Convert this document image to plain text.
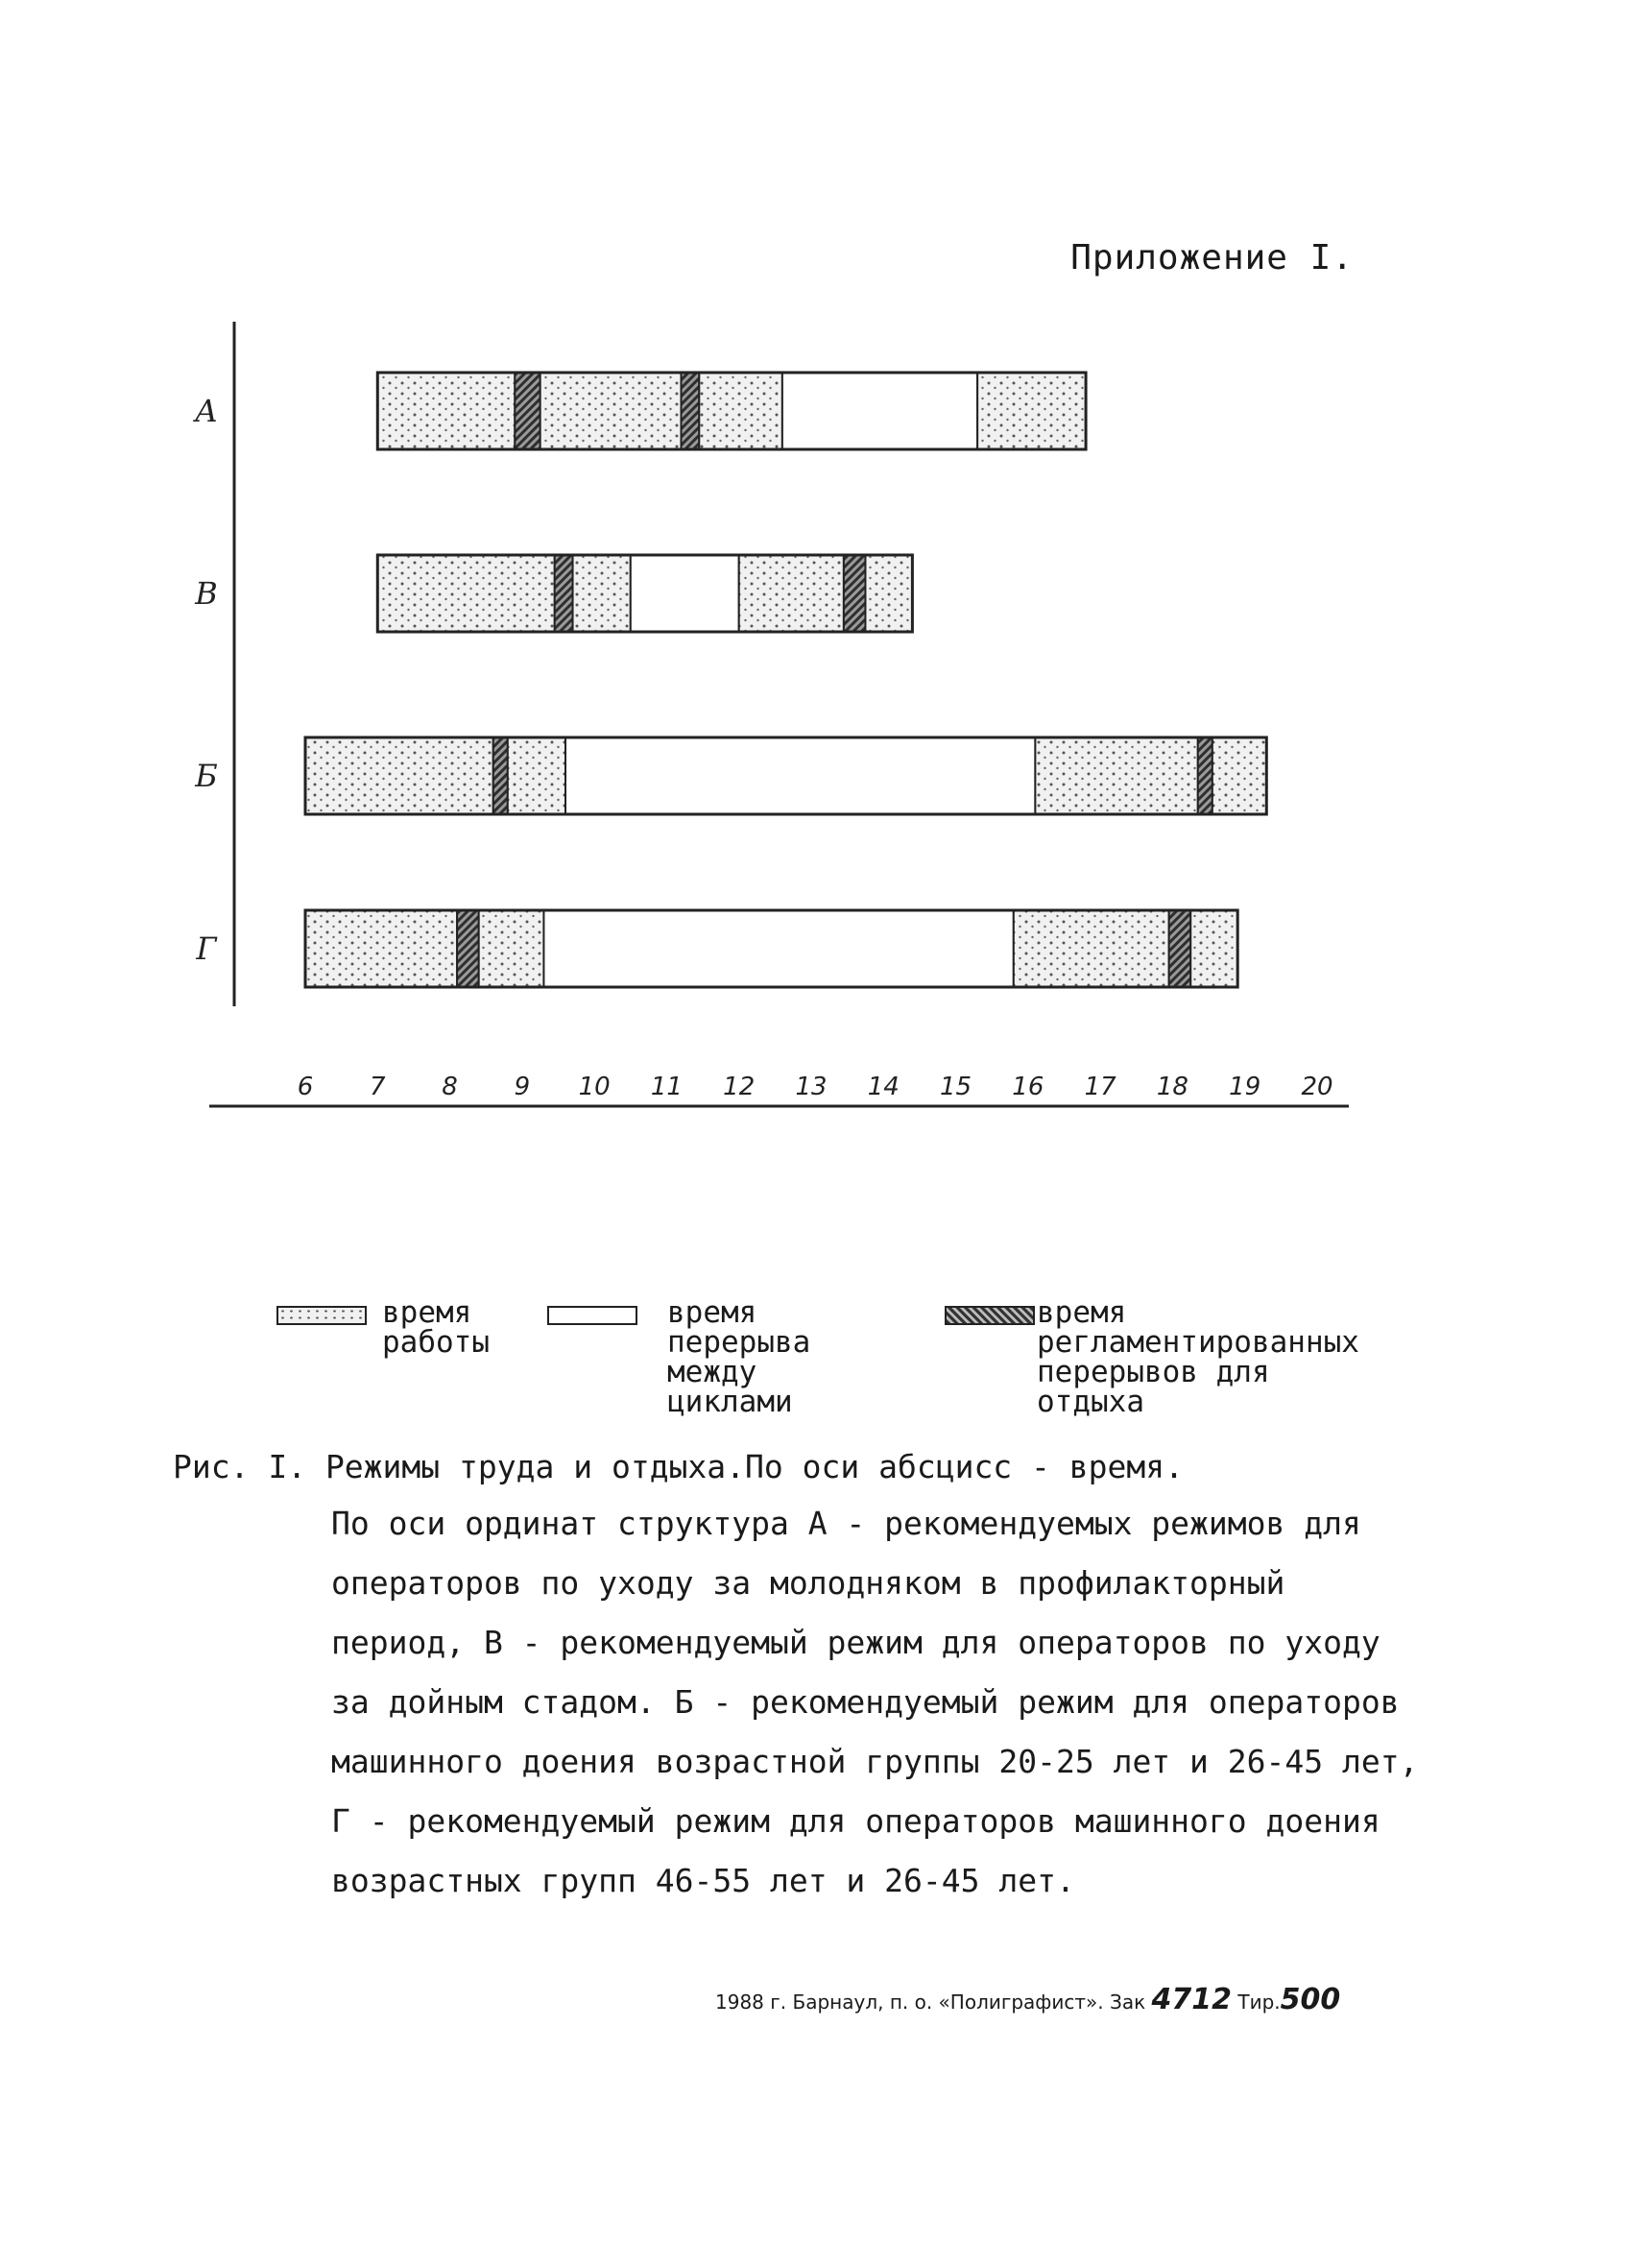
Приложение I.
А
В
Б
Г
6 7 8 9 10 11 12 13 14 15 16 17 18 19 20
время
работы
время перерыва
между циклами
время
регламентированных
перерывов для отдыха
Рис. I. Режимы труда и отдыха.По оси абсцисс - время.
По оси ординат структура А - рекомендуемых режимов для
операторов по уходу за молодняком в профилакторный
период, В - рекомендуемый режим для операторов по уходу
за дойным стадом. Б - рекомендуемый режим для операторов
машинного доения возрастной группы 20-25 лет и 26-45 лет,
Г - рекомендуемый режим для операторов машинного доения
возрастных групп 46-55 лет и 26-45 лет.
1988 г. Барнаул, п. о. «Полиграфист». Зак 4712 Тир.500
